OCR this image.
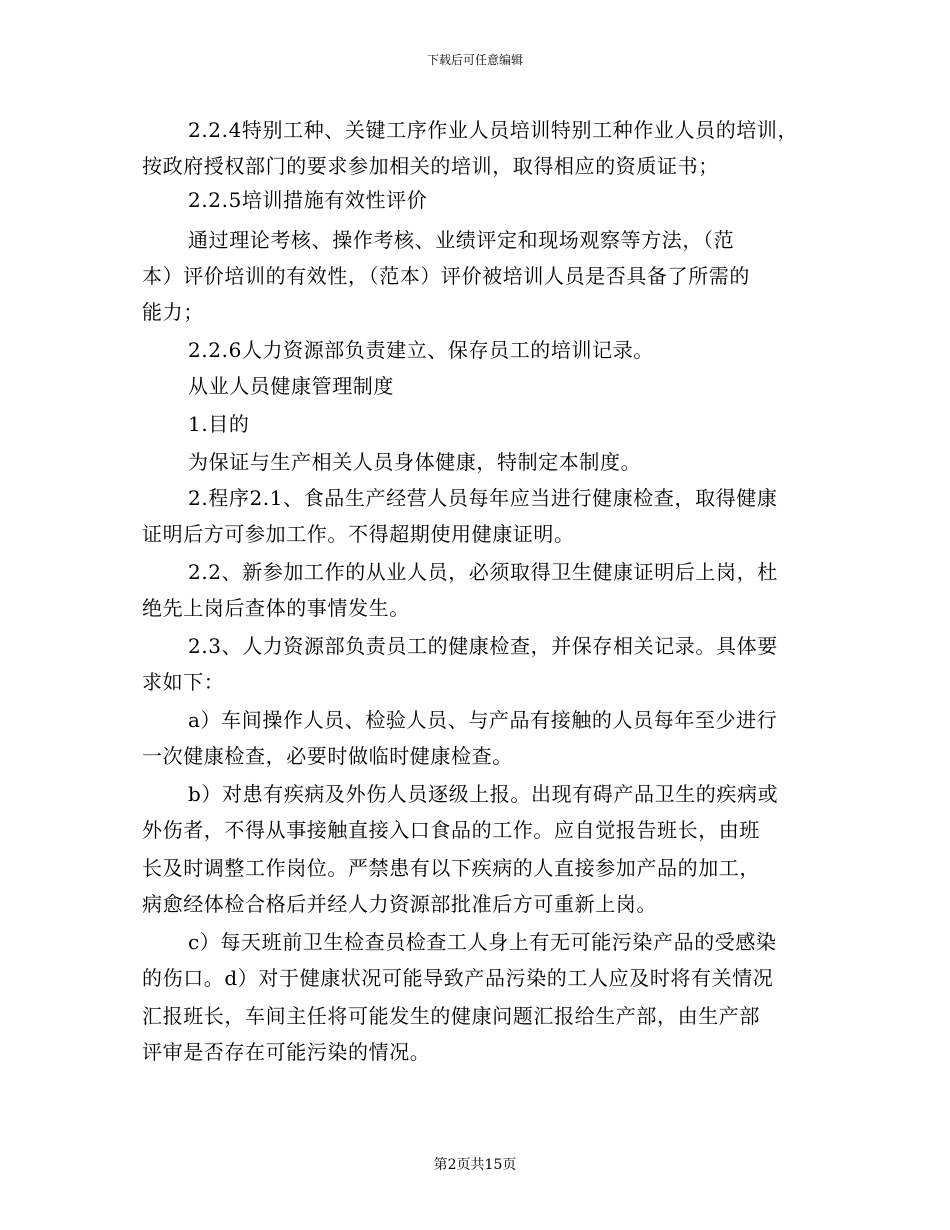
下载后可任意编辑
2.2.4特别工种、关键工序作业人员培训特别工种作业人员的培训，
按政府授权部门的要求参加相关的培训，取得相应的资质证书；
2.2.5培训措施有效性评价
通过理论考核、操作考核、业绩评定和现场观察等方法，（范
本）评价培训的有效性，（范本）评价被培训人员是否具备了所需的
能力；
2.2.6人力资源部负责建立、保存员工的培训记录。
从业人员健康管理制度
1.目的
为保证与生产相关人员身体健康，特制定本制度。
2.程序2.1、食品生产经营人员每年应当进行健康检查，取得健康
证明后方可参加工作。不得超期使用健康证明。
2.2、新参加工作的从业人员，必须取得卫生健康证明后上岗，杜
绝先上岗后查体的事情发生。
2.3、人力资源部负责员工的健康检查，并保存相关记录。具体要
求如下：
a）车间操作人员、检验人员、与产品有接触的人员每年至少进行
一次健康检查，必要时做临时健康检查。
b）对患有疾病及外伤人员逐级上报。出现有碍产品卫生的疾病或
外伤者，不得从事接触直接入口食品的工作。应自觉报告班长，由班
长及时调整工作岗位。严禁患有以下疾病的人直接参加产品的加工，
病愈经体检合格后并经人力资源部批准后方可重新上岗。
c）每天班前卫生检查员检查工人身上有无可能污染产品的受感染
的伤口。d）对于健康状况可能导致产品污染的工人应及时将有关情况
汇报班长，车间主任将可能发生的健康问题汇报给生产部，由生产部
评审是否存在可能污染的情况。
第2页共15页
